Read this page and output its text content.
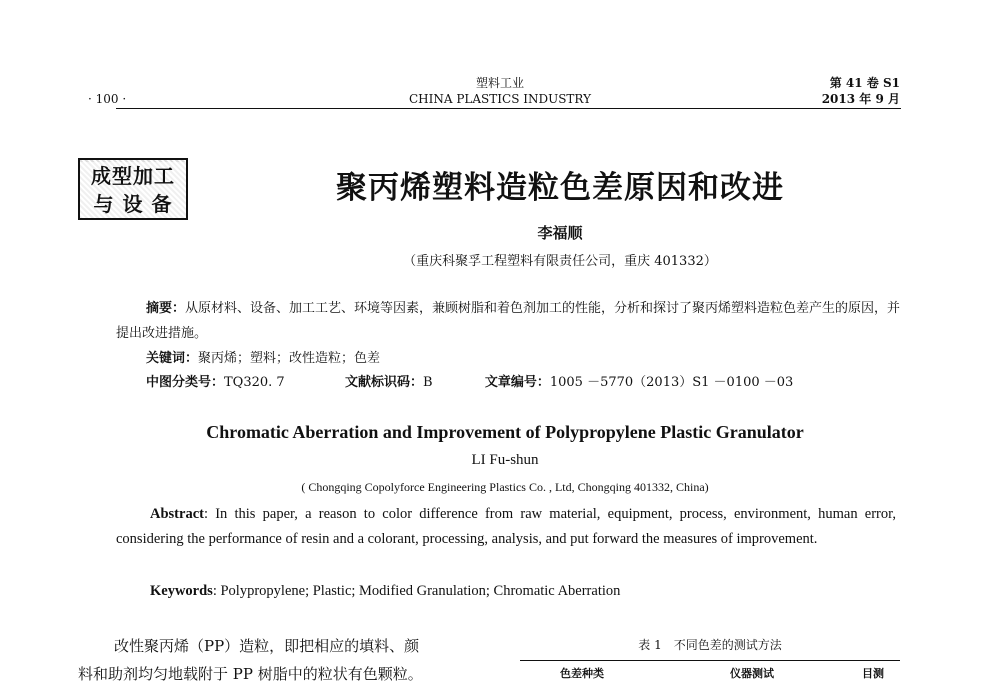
· 100 ·
塑料工业
CHINA PLASTICS INDUSTRY
第 41 卷 S1
2013 年 9 月
成型加工
与 设 备	聚丙烯塑料造粒色差原因和改进
李福顺
（重庆科聚孚工程塑料有限责任公司，重庆 401332）
摘要：从原材料、设备、加工工艺、环境等因素，兼顾树脂和着色剂加工的性能，分析和探讨了聚丙烯塑料造粒色差产生的原因，并提出改进措施。
关键词：聚丙烯；塑料；改性造粒；色差
中图分类号：TQ320. 7	文献标识码：B	文章编号：1005 －5770（2013）S1 －0100 －03
Chromatic Aberration and Improvement of Polypropylene Plastic Granulator
LI Fu-shun
( Chongqing Copolyforce Engineering Plastics Co. , Ltd, Chongqing 401332, China)
Abstract: In this paper, a reason to color difference from raw material, equipment, process, environment, human error, considering the performance of resin and a colorant, processing, analysis, and put forward the measures of improvement.
Keywords: Polypropylene; Plastic; Modified Granulation; Chromatic Aberration
改性聚丙烯（PP）造粒，即把相应的填料、颜
料和助剂均匀地载附于 PP 树脂中的粒状有色颗粒。
表 1　不同色差的测试方法
色差种类	仪器测试	目测
